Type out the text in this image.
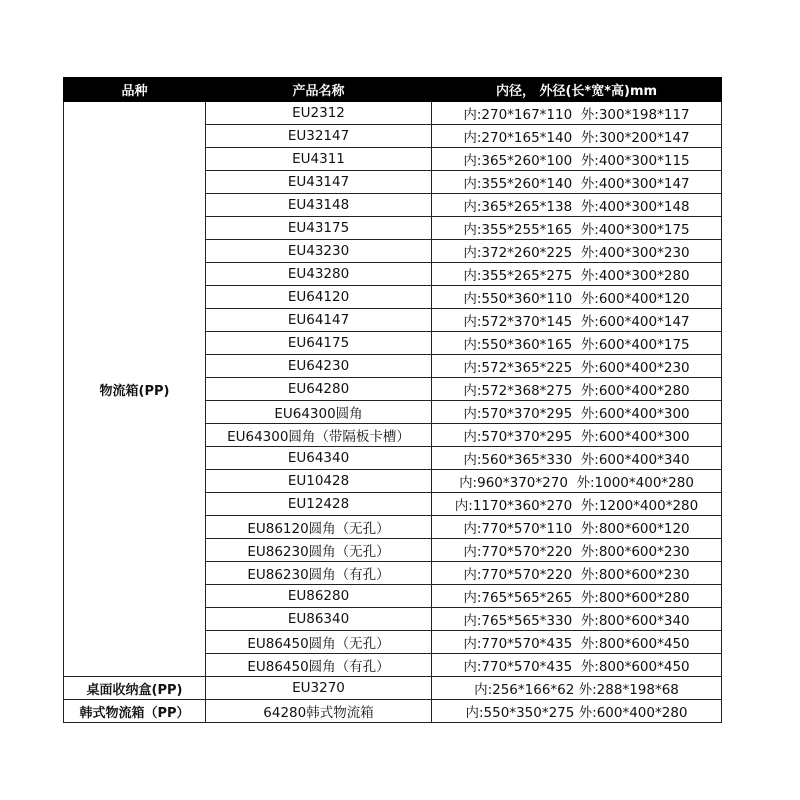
品种	产品名称	内径， 外径(长*宽*高)mm
物流箱(PP)	EU2312	内:270*167*110  外:300*198*117
	EU32147	内:270*165*140  外:300*200*147
	EU4311	内:365*260*100  外:400*300*115
	EU43147	内:355*260*140  外:400*300*147
	EU43148	内:365*265*138  外:400*300*148
	EU43175	内:355*255*165  外:400*300*175
	EU43230	内:372*260*225  外:400*300*230
	EU43280	内:355*265*275  外:400*300*280
	EU64120	内:550*360*110  外:600*400*120
	EU64147	内:572*370*145  外:600*400*147
	EU64175	内:550*360*165  外:600*400*175
	EU64230	内:572*365*225  外:600*400*230
	EU64280	内:572*368*275  外:600*400*280
	EU64300圆角	内:570*370*295  外:600*400*300
	EU64300圆角（带隔板卡槽）	内:570*370*295  外:600*400*300
	EU64340	内:560*365*330  外:600*400*340
	EU10428	内:960*370*270  外:1000*400*280
	EU12428	内:1170*360*270  外:1200*400*280
	EU86120圆角（无孔）	内:770*570*110  外:800*600*120
	EU86230圆角（无孔）	内:770*570*220  外:800*600*230
	EU86230圆角（有孔）	内:770*570*220  外:800*600*230
	EU86280	内:765*565*265  外:800*600*280
	EU86340	内:765*565*330  外:800*600*340
	EU86450圆角（无孔）	内:770*570*435  外:800*600*450
	EU86450圆角（有孔）	内:770*570*435  外:800*600*450
桌面收纳盒(PP)	EU3270	内:256*166*62 外:288*198*68
韩式物流箱（PP）	64280韩式物流箱	内:550*350*275 外:600*400*280
